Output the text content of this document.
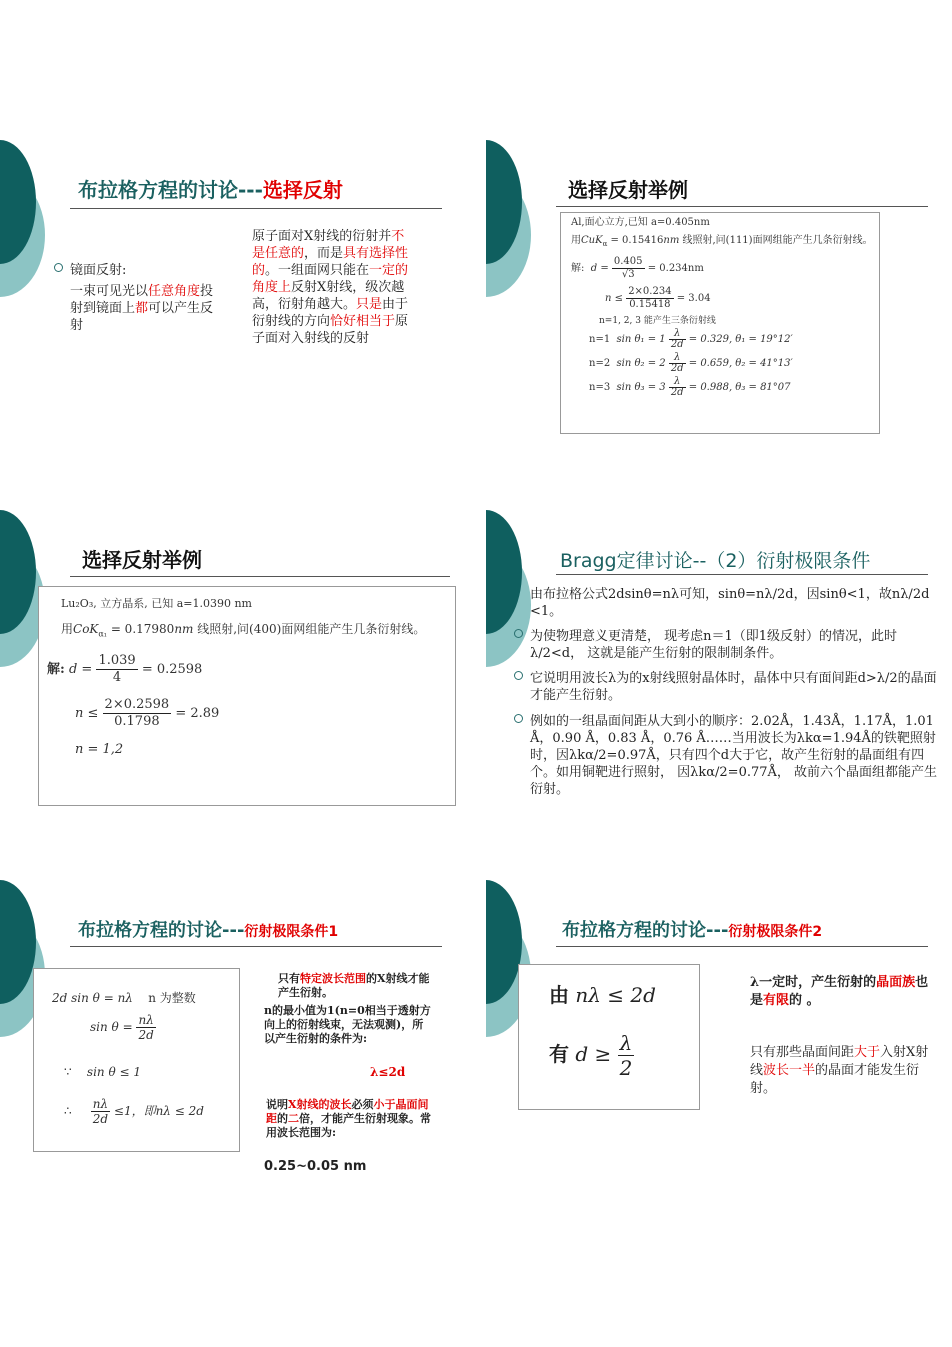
布拉格方程的讨论---选择反射
镜面反射:
一束可见光以任意角度投射到镜面上都可以产生反射
原子面对X射线的衍射并不是任意的，而是具有选择性的。一组面网只能在一定的角度上反射X射线，级次越高，衍射角越大。只是由于衍射线的方向恰好相当于原子面对入射线的反射
选择反射举例
Al,面心立方,已知 a=0.405nm
用CuK$_\alpha$ = 0.15416nm 线照射,问(111)面网组能产生几条衍射线。
解: $d = \frac{0.405}{√3} = 0.234nm$
$n \le \frac{2\times 0.234}{0.15418} = 3.04$
n=1, 2, 3 能产生三条衍射线
n=1 $\sin \theta_1 = 1 \frac{\lambda}{2d} = 0.329$, θ₁ = 19°12′
n=2 $\sin \theta_2 = 2 \frac{\lambda}{2d} = 0.659$, θ₂ = 41°13′
n=3 $\sin \theta_3 = 3 \frac{\lambda}{2d} = 0.988$, θ₃ = 81°07
选择反射举例
Lu₂O₃, 立方晶系, 已知 a=1.0390 nm
用CoK$_{\alpha_1}$ = 0.17980nm 线照射,问(400)面网组能产生几条衍射线。
解: $d = \frac{1.039}{4} = 0.2598$
$n \le \frac{2\times 0.2598}{0.1798} = 2.89$
n = 1,2
Bragg定律讨论--（2）衍射极限条件
由布拉格公式2dsinθ=nλ可知，sinθ=nλ/2d，因sinθ<1，故nλ/2d <1。
为使物理意义更清楚， 现考虑n＝1（即1级反射）的情况，此时λ/2<d， 这就是能产生衍射的限制制条件。
它说明用波长λ为的x射线照射晶体时，晶体中只有面间距d>λ/2的晶面才能产生衍射。
例如的一组晶面间距从大到小的顺序：2.02Å，1.43Å，1.17Å，1.01 Å，0.90 Å，0.83 Å，0.76 Å……当用波长为λkα=1.94Å的铁靶照射时，因λkα/2=0.97Å，只有四个d大于它，故产生衍射的晶面组有四个。如用铜靶进行照射， 因λkα/2=0.77Å， 故前六个晶面组都能产生衍射。
布拉格方程的讨论---衍射极限条件1
2d sin θ = nλ n 为整数
$\sin \theta = \frac{n\lambda}{2d}$
∵ sin θ ≤ 1
∴ $\frac{n\lambda}{2d} \le 1$，即nλ ≤ 2d
只有特定波长范围的X射线才能产生衍射。
n的最小值为1(n=0相当于透射方向上的衍射线束，无法观测)，所以产生衍射的条件为:
λ≤2d
说明X射线的波长必须小于晶面间距的二倍，才能产生衍射现象。常用波长范围为:
0.25~0.05 nm
布拉格方程的讨论---衍射极限条件2
由 nλ ≤ 2d
有 $d \ge \frac{\lambda}{2}$
λ一定时，产生衍射的晶面族也是有限的 。
只有那些晶面间距大于入射X射线波长一半的晶面才能发生衍射。
